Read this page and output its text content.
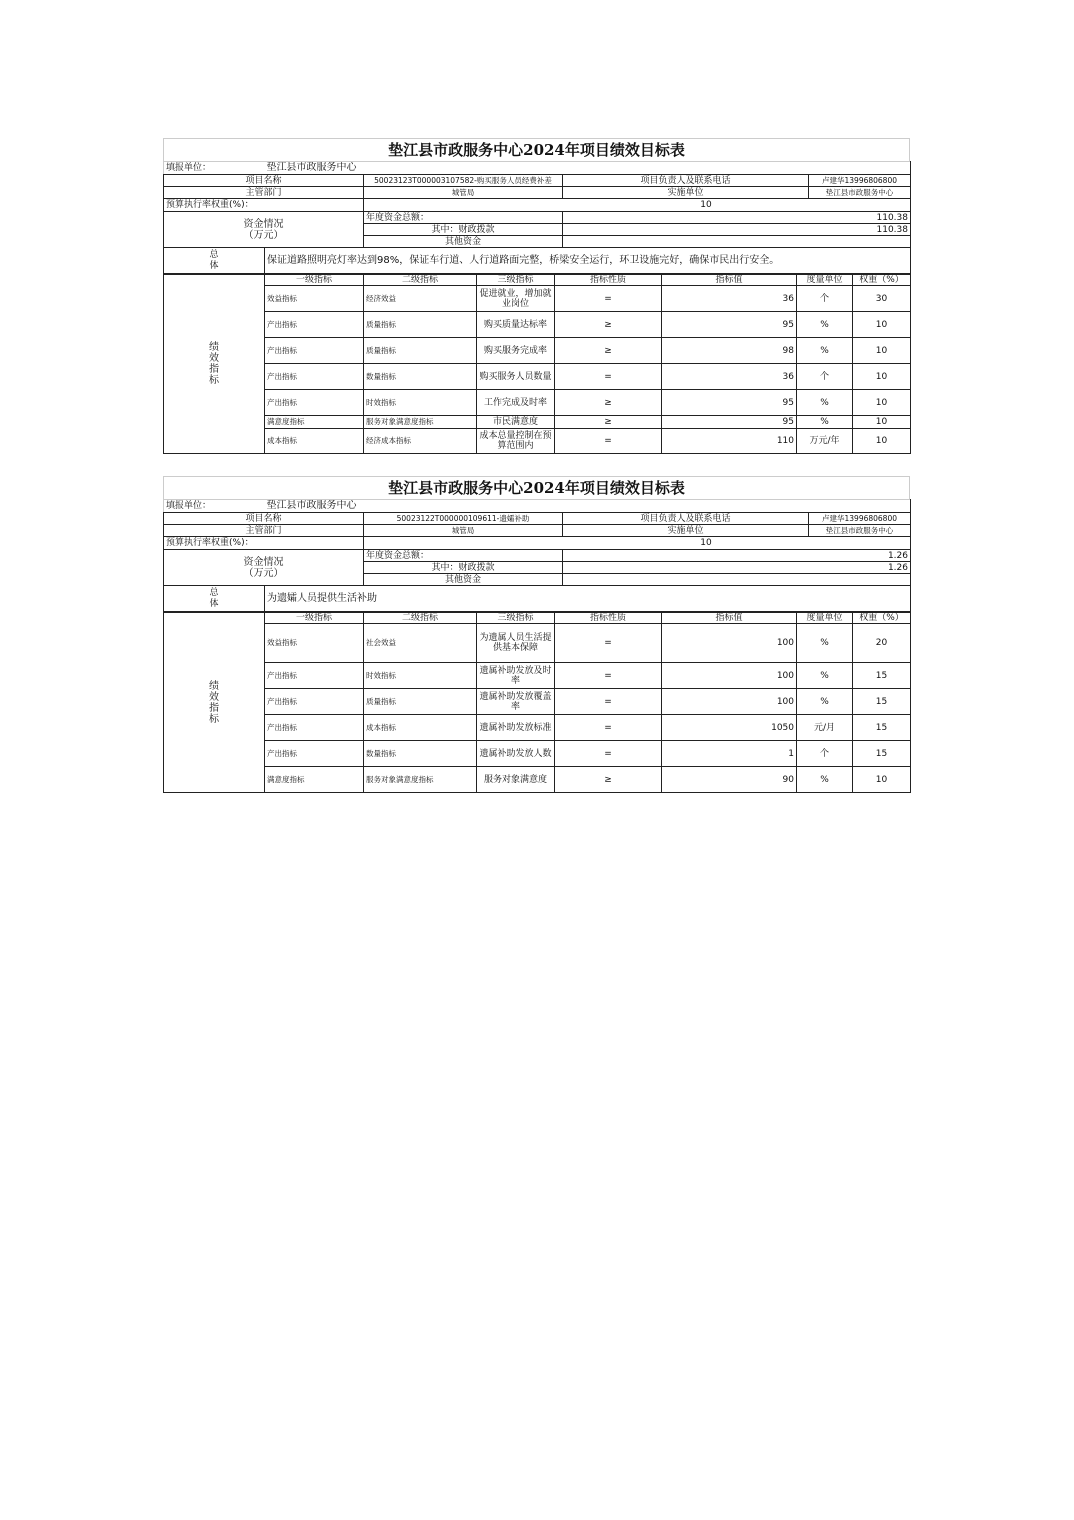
垫江县市政服务中心2024年项目绩效目标表
填报单位：	垫江县市政服务中心			
项目名称		50023123T000003107582-购买服务人员经费补差	项目负责人及联系电话	卢建华13996806800
主管部门		城管局	实施单位	垫江县市政服务中心
预算执行率权重(%)：		10		
资金情况
（万元）		年度资金总额：	110.38	
		其中：财政拨款	110.38	
		其他资金		
总
体	保证道路照明亮灯率达到98%，保证车行道、人行道路面完整，桥梁安全运行，环卫设施完好，确保市民出行安全。			
绩
效
指
标	一级指标	二级指标	三级指标	指标性质	指标值	度量单位	权重（%）
	效益指标	经济效益	促进就业，增加就业岗位	=	36	个	30
	产出指标	质量指标	购买质量达标率	≥	95	%	10
	产出指标	质量指标	购买服务完成率	≥	98	%	10
	产出指标	数量指标	购买服务人员数量	=	36	个	10
	产出指标	时效指标	工作完成及时率	≥	95	%	10
	满意度指标	服务对象满意度指标	市民满意度	≥	95	%	10
	成本指标	经济成本指标	成本总量控制在预算范围内	=	110	万元/年	10
垫江县市政服务中心2024年项目绩效目标表
填报单位：	垫江县市政服务中心			
项目名称		50023122T000000109611-遗孀补助	项目负责人及联系电话	卢建华13996806800
主管部门		城管局	实施单位	垫江县市政服务中心
预算执行率权重(%)：		10		
资金情况
（万元）		年度资金总额：	1.26	
		其中：财政拨款	1.26	
		其他资金		
总
体	为遗孀人员提供生活补助			
绩
效
指
标	一级指标	二级指标	三级指标	指标性质	指标值	度量单位	权重（%）
	效益指标	社会效益	为遗属人员生活提供基本保障	=	100	%	20
	产出指标	时效指标	遗属补助发放及时率	=	100	%	15
	产出指标	质量指标	遗属补助发放覆盖率	=	100	%	15
	产出指标	成本指标	遗属补助发放标准	=	1050	元/月	15
	产出指标	数量指标	遗属补助发放人数	=	1	个	15
	满意度指标	服务对象满意度指标	服务对象满意度	≥	90	%	10
